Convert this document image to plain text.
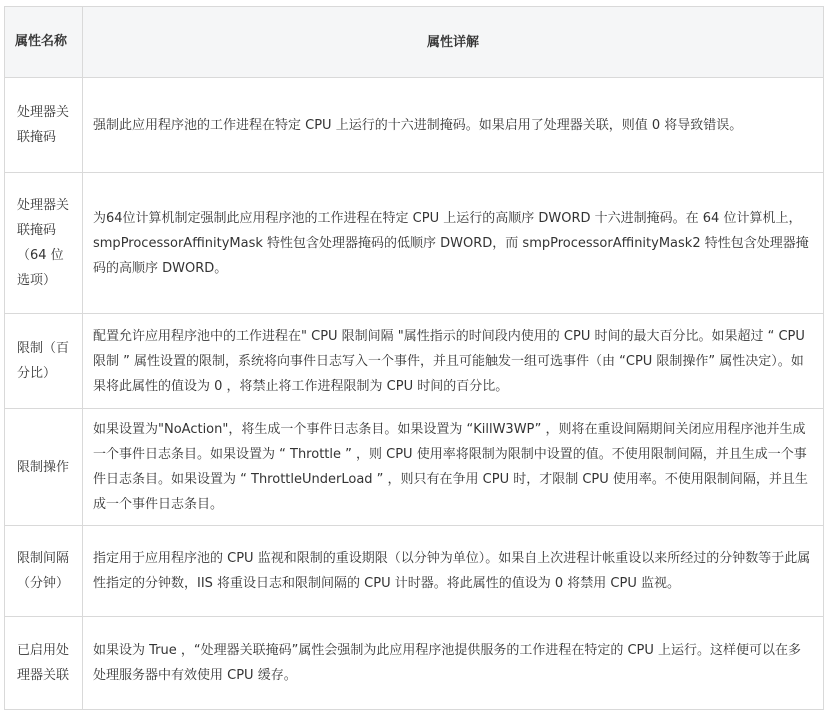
属性名称	属性详解
处理器关联掩码	强制此应用程序池的工作进程在特定 CPU 上运行的十六进制掩码。如果启用了处理器关联，则值 0 将导致错误。
处理器关联掩码（64 位选项）	为64位计算机制定强制此应用程序池的工作进程在特定 CPU 上运行的高顺序 DWORD 十六进制掩码。在 64 位计算机上，smpProcessorAffinityMask 特性包含处理器掩码的低顺序 DWORD，而 smpProcessorAffinityMask2 特性包含处理器掩码的高顺序 DWORD。
限制（百分比）	配置允许应用程序池中的工作进程在" CPU 限制间隔 "属性指示的时间段内使用的 CPU 时间的最大百分比。如果超过 “ CPU 限制 ” 属性设置的限制，系统将向事件日志写入一个事件，并且可能触发一组可选事件（由 “CPU 限制操作” 属性决定）。如果将此属性的值设为 0 ，将禁止将工作进程限制为 CPU 时间的百分比。
限制操作	如果设置为"NoAction"，将生成一个事件日志条目。如果设置为 “KillW3WP” ，则将在重设间隔期间关闭应用程序池并生成一个事件日志条目。如果设置为 “ Throttle ” ，则 CPU 使用率将限制为限制中设置的值。不使用限制间隔，并且生成一个事件日志条目。如果设置为 “ ThrottleUnderLoad ” ，则只有在争用 CPU 时，才限制 CPU 使用率。不使用限制间隔，并且生成一个事件日志条目。
限制间隔（分钟）	指定用于应用程序池的 CPU 监视和限制的重设期限（以分钟为单位）。如果自上次进程计帐重设以来所经过的分钟数等于此属性指定的分钟数，IIS 将重设日志和限制间隔的 CPU 计时器。将此属性的值设为 0 将禁用 CPU 监视。
已启用处理器关联	如果设为 True ，“处理器关联掩码”属性会强制为此应用程序池提供服务的工作进程在特定的 CPU 上运行。这样便可以在多处理服务器中有效使用 CPU 缓存。
